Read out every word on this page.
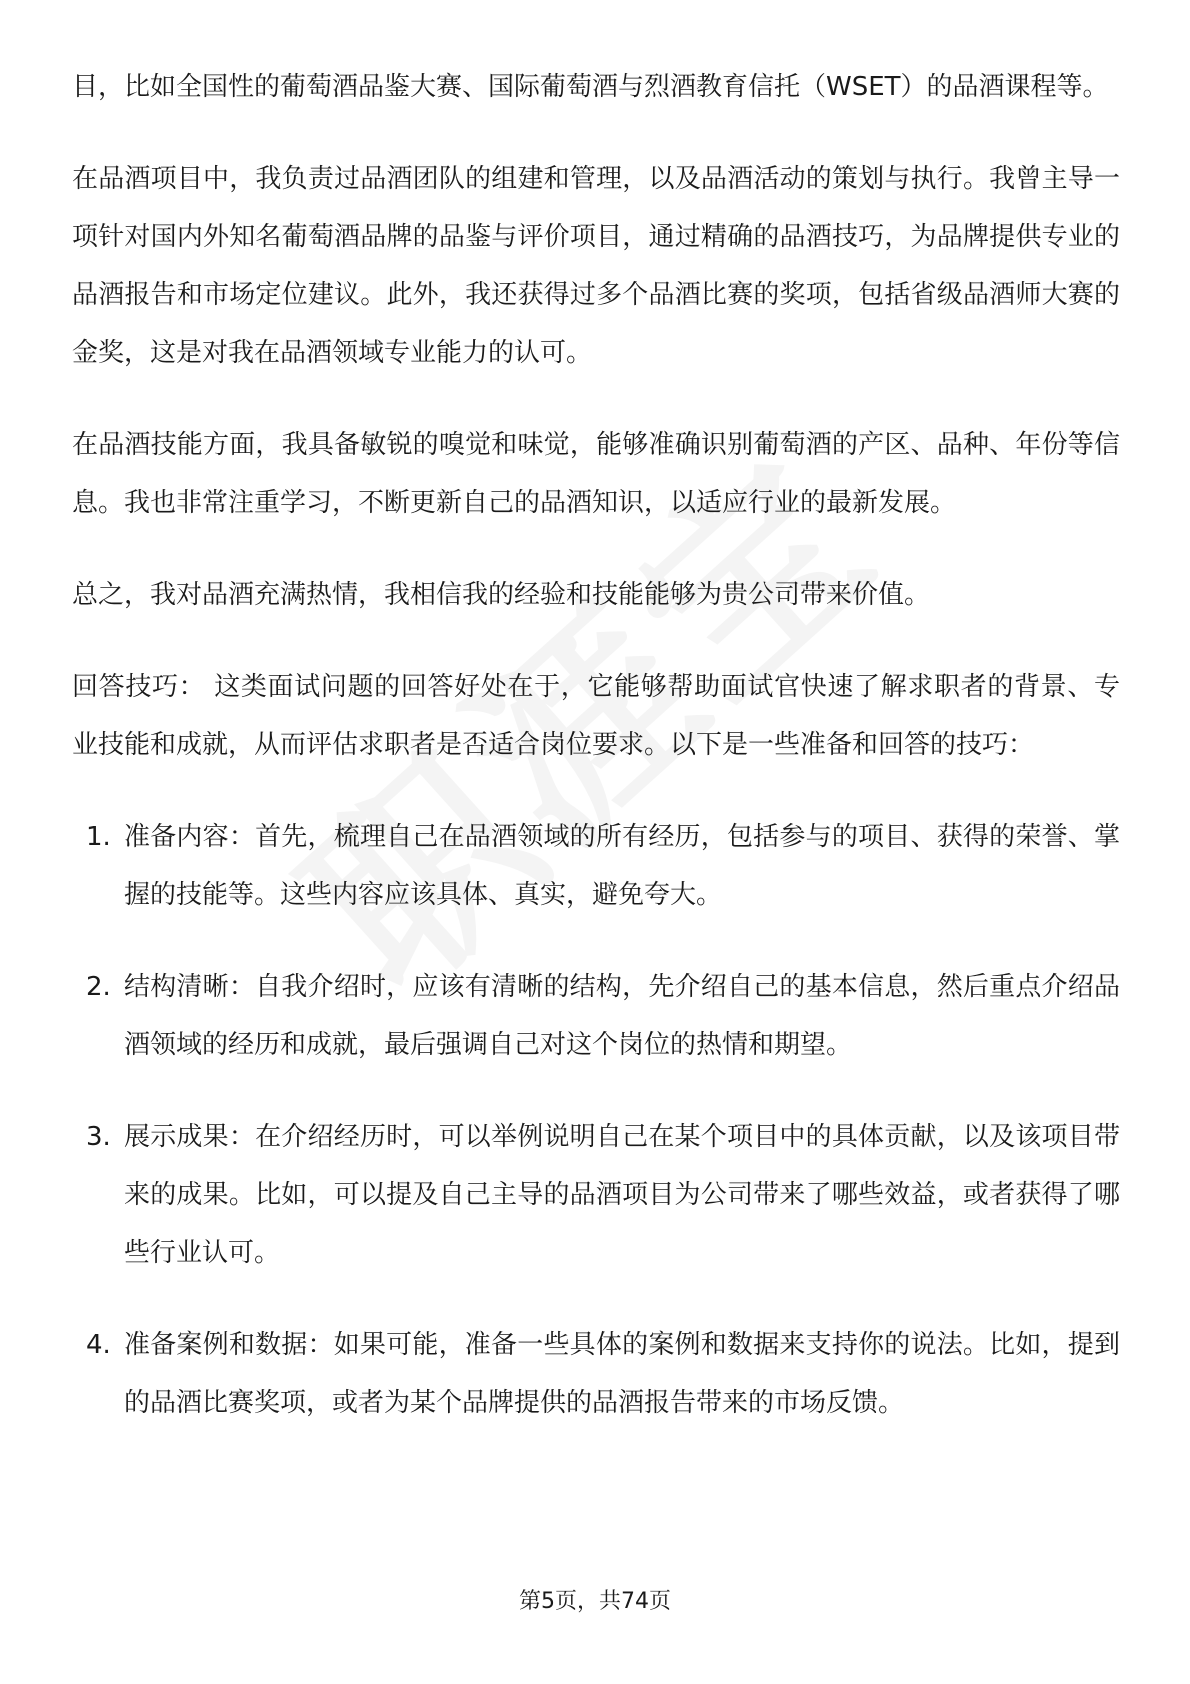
目，比如全国性的葡萄酒品鉴大赛、国际葡萄酒与烈酒教育信托（WSET）的品酒课程等。

在品酒项目中，我负责过品酒团队的组建和管理，以及品酒活动的策划与执行。我曾主导一项针对国内外知名葡萄酒品牌的品鉴与评价项目，通过精确的品酒技巧，为品牌提供专业的品酒报告和市场定位建议。此外，我还获得过多个品酒比赛的奖项，包括省级品酒师大赛的金奖，这是对我在品酒领域专业能力的认可。

在品酒技能方面，我具备敏锐的嗅觉和味觉，能够准确识别葡萄酒的产区、品种、年份等信息。我也非常注重学习，不断更新自己的品酒知识，以适应行业的最新发展。

总之，我对品酒充满热情，我相信我的经验和技能能够为贵公司带来价值。

回答技巧： 这类面试问题的回答好处在于，它能够帮助面试官快速了解求职者的背景、专业技能和成就，从而评估求职者是否适合岗位要求。以下是一些准备和回答的技巧：

1. 准备内容：首先，梳理自己在品酒领域的所有经历，包括参与的项目、获得的荣誉、掌握的技能等。这些内容应该具体、真实，避免夸大。
2. 结构清晰：自我介绍时，应该有清晰的结构，先介绍自己的基本信息，然后重点介绍品酒领域的经历和成就，最后强调自己对这个岗位的热情和期望。
3. 展示成果：在介绍经历时，可以举例说明自己在某个项目中的具体贡献，以及该项目带来的成果。比如，可以提及自己主导的品酒项目为公司带来了哪些效益，或者获得了哪些行业认可。
4. 准备案例和数据：如果可能，准备一些具体的案例和数据来支持你的说法。比如，提到的品酒比赛奖项，或者为某个品牌提供的品酒报告带来的市场反馈。
第5页，共74页
